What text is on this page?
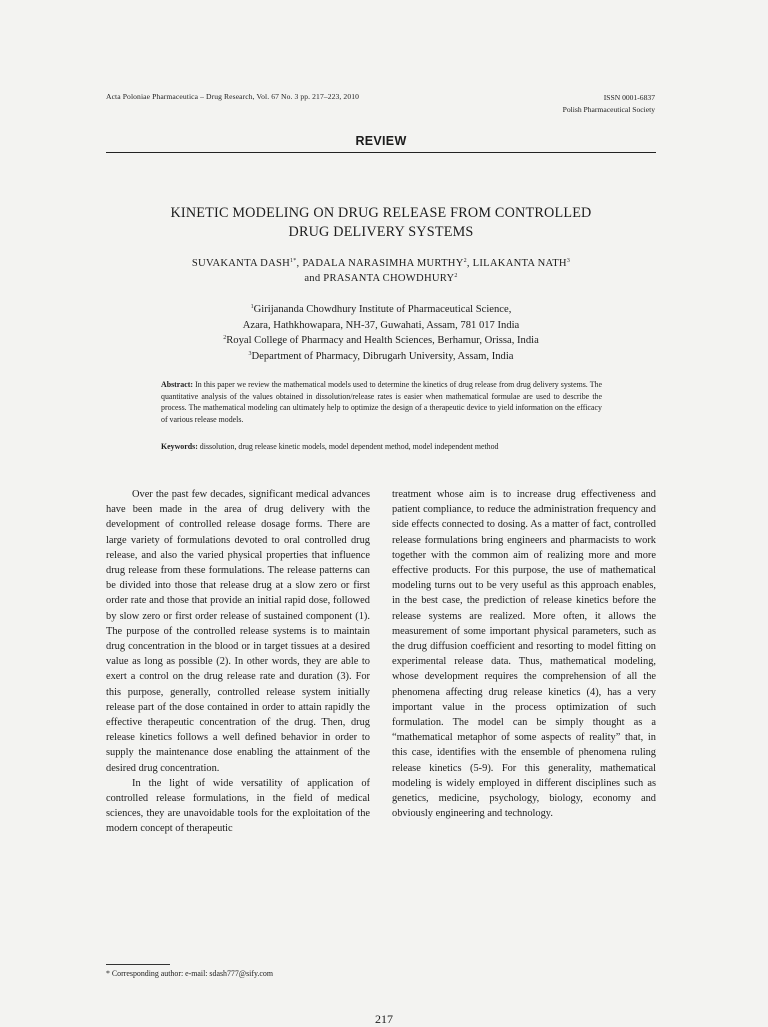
Acta Poloniae Pharmaceutica – Drug Research, Vol. 67 No. 3 pp. 217–223, 2010	ISSN 0001-6837
Polish Pharmaceutical Society
REVIEW
KINETIC MODELING ON DRUG RELEASE FROM CONTROLLED
DRUG DELIVERY SYSTEMS
SUVAKANTA $DASH^{1*}$, PADALA NARASIMHA MURTHY$^2$, LILAKANTA NATH$^3$
and PRASANTA CHOWDHURY$^2$
$^1$Girijananda Chowdhury Institute of Pharmaceutical Science,
Azara, Hathkhowapara, NH-37, Guwahati, Assam, 781 017 India
$^2$Royal College of Pharmacy and Health Sciences, Berhamur, Orissa, India
$^3$Department of Pharmacy, Dibrugarh University, Assam, India
Abstract: In this paper we review the mathematical models used to determine the kinetics of drug release from drug delivery systems. The quantitative analysis of the values obtained in dissolution/release rates is easier when mathematical formulae are used to describe the process. The mathematical modeling can ultimately help to optimize the design of a therapeutic device to yield information on the efficacy of various release models.
Keywords: dissolution, drug release kinetic models, model dependent method, model independent method

Over the past few decades, significant medical advances have been made in the area of drug delivery with the development of controlled release dosage forms. There are large variety of formulations devoted to oral controlled drug release, and also the varied physical properties that influence drug release from these formulations. The release patterns can be divided into those that release drug at a slow zero or first order rate and those that provide an initial rapid dose, followed by slow zero or first order release of sustained component (1). The purpose of the controlled release systems is to maintain drug concentration in the blood or in target tissues at a desired value as long as possible (2). In other words, they are able to exert a control on the drug release rate and duration (3). For this purpose, generally, controlled release system initially release part of the dose contained in order to attain rapidly the effective therapeutic concentration of the drug. Then, drug release kinetics follows a well defined behavior in order to supply the maintenance dose enabling the attainment of the desired drug concentration.

In the light of wide versatility of application of controlled release formulations, in the field of medical sciences, they are unavoidable tools for the exploitation of the modern concept of therapeutic

treatment whose aim is to increase drug effectiveness and patient compliance, to reduce the administration frequency and side effects connected to dosing. As a matter of fact, controlled release formulations bring engineers and pharmacists to work together with the common aim of realizing more and more effective products. For this purpose, the use of mathematical modeling turns out to be very useful as this approach enables, in the best case, the prediction of release kinetics before the release systems are realized. More often, it allows the measurement of some important physical parameters, such as the drug diffusion coefficient and resorting to model fitting on experimental release data. Thus, mathematical modeling, whose development requires the comprehension of all the phenomena affecting drug release kinetics (4), has a very important value in the process optimization of such formulation. The model can be simply thought as a “mathematical metaphor of some aspects of reality” that, in this case, identifies with the ensemble of phenomena ruling release kinetics (5-9). For this generality, mathematical modeling is widely employed in different disciplines such as genetics, medicine, psychology, biology, economy and obviously engineering and technology.

* Corresponding author: e-mail: sdash777@sify.com
217
